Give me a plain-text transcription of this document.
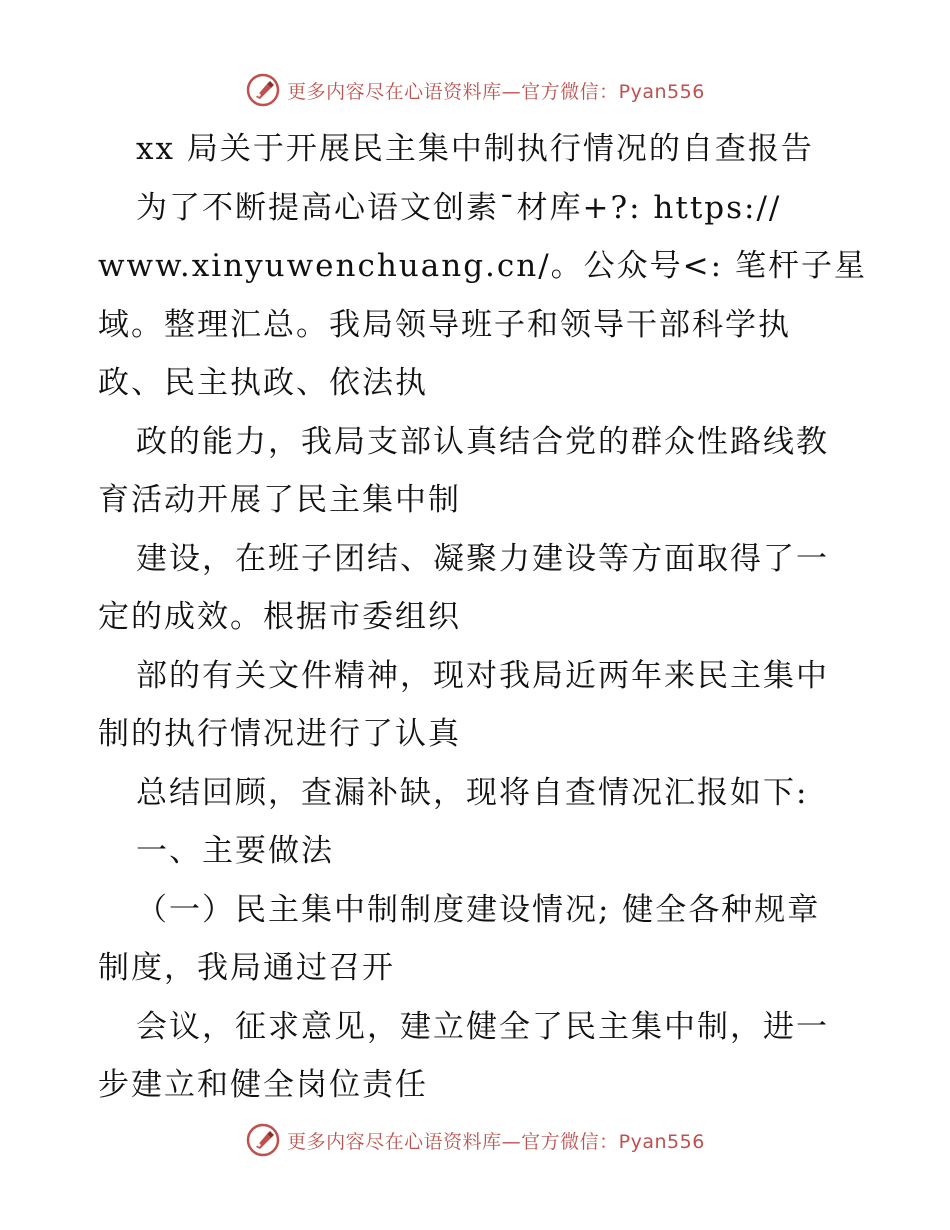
更多内容尽在心语资料库—官方微信：Pyan556
xx 局关于开展民主集中制执行情况的自查报告
为了不断提高心语文创素¯材库+?: https://
www.xinyuwenchuang.cn/。公众号<: 笔杆子星
域。整理汇总。我局领导班子和领导干部科学执
政、民主执政、依法执
政的能力，我局支部认真结合党的群众性路线教
育活动开展了民主集中制
建设，在班子团结、凝聚力建设等方面取得了一
定的成效。根据市委组织
部的有关文件精神，现对我局近两年来民主集中
制的执行情况进行了认真
总结回顾，查漏补缺，现将自查情况汇报如下:
一、主要做法
（一）民主集中制制度建设情况; 健全各种规章
制度，我局通过召开
会议，征求意见，建立健全了民主集中制，进一
步建立和健全岗位责任
更多内容尽在心语资料库—官方微信：Pyan556
